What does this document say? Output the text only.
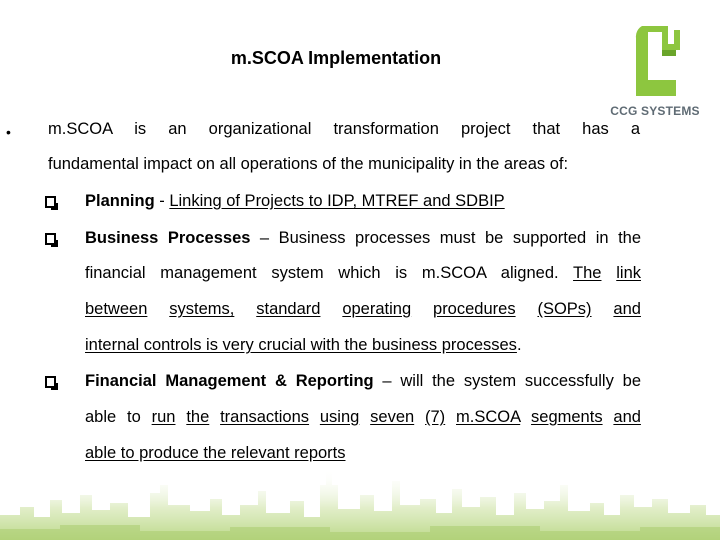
m.SCOA Implementation
CCG SYSTEMS
• m.SCOA is an organizational transformation project that has a
fundamental impact on all operations of the municipality in the areas of:
Planning - Linking of Projects to IDP, MTREF and SDBIP
Business Processes – Business processes must be supported in the
financial management system which is m.SCOA aligned. The link
between systems, standard operating procedures (SOPs) and
internal controls is very crucial with the business processes.
Financial Management & Reporting – will the system successfully be
able to run the transactions using seven (7) m.SCOA segments and
able to produce the relevant reports
